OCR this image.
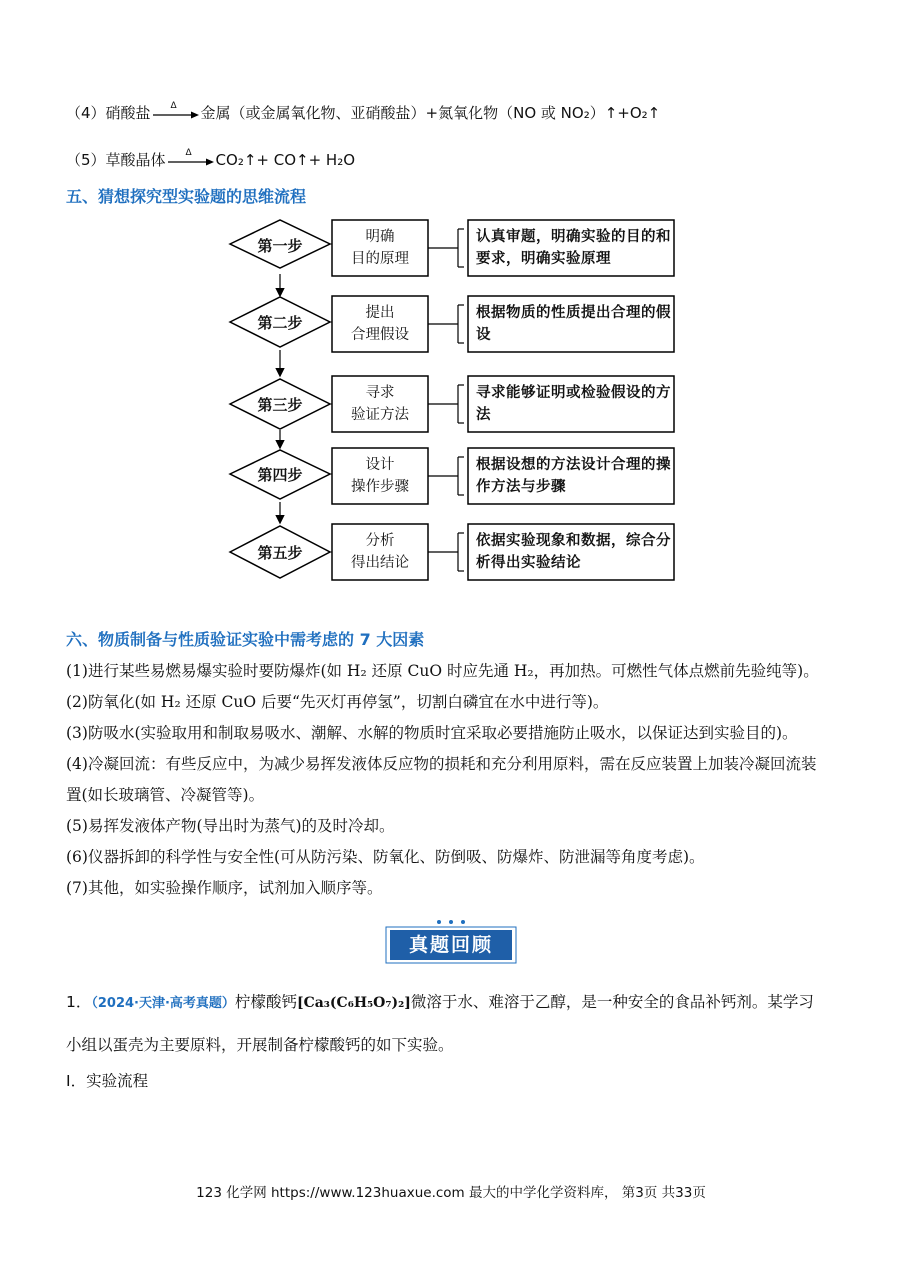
（4）硝酸盐 Δ 金属（或金属氧化物、亚硝酸盐）+氮氧化物（NO 或 NO₂）↑+O₂↑
（5）草酸晶体 Δ CO₂↑+ CO↑+ H₂O
五、猜想探究型实验题的思维流程
第一步	明确
目的原理
认真审题，明确实验的目的和要求，明确实验原理
第二步
提出
合理假设
根据物质的性质提出合理的假设
第三步
寻求
验证方法
寻求能够证明或检验假设的方法
第四步
设计
操作步骤
根据设想的方法设计合理的操作方法与步骤
第五步
分析
得出结论
依据实验现象和数据，综合分析得出实验结论
六、物质制备与性质验证实验中需考虑的 7 大因素
(1)进行某些易燃易爆实验时要防爆炸(如 H₂ 还原 CuO 时应先通 H₂，再加热。可燃性气体点燃前先验纯等)。
(2)防氧化(如 H₂ 还原 CuO 后要“先灭灯再停氢”，切割白磷宜在水中进行等)。
(3)防吸水(实验取用和制取易吸水、潮解、水解的物质时宜采取必要措施防止吸水，以保证达到实验目的)。
(4)冷凝回流：有些反应中，为减少易挥发液体反应物的损耗和充分利用原料，需在反应装置上加装冷凝回流装
置(如长玻璃管、冷凝管等)。
(5)易挥发液体产物(导出时为蒸气)的及时冷却。
(6)仪器拆卸的科学性与安全性(可从防污染、防氧化、防倒吸、防爆炸、防泄漏等角度考虑)。
(7)其他，如实验操作顺序，试剂加入顺序等。
真题回顾
1．（2024·天津·高考真题）柠檬酸钙[Ca₃(C₆H₅O₇)₂]微溶于水、难溶于乙醇，是一种安全的食品补钙剂。某学习
小组以蛋壳为主要原料，开展制备柠檬酸钙的如下实验。
Ⅰ．实验流程
123 化学网 https://www.123huaxue.com 最大的中学化学资料库， 第3页 共33页
